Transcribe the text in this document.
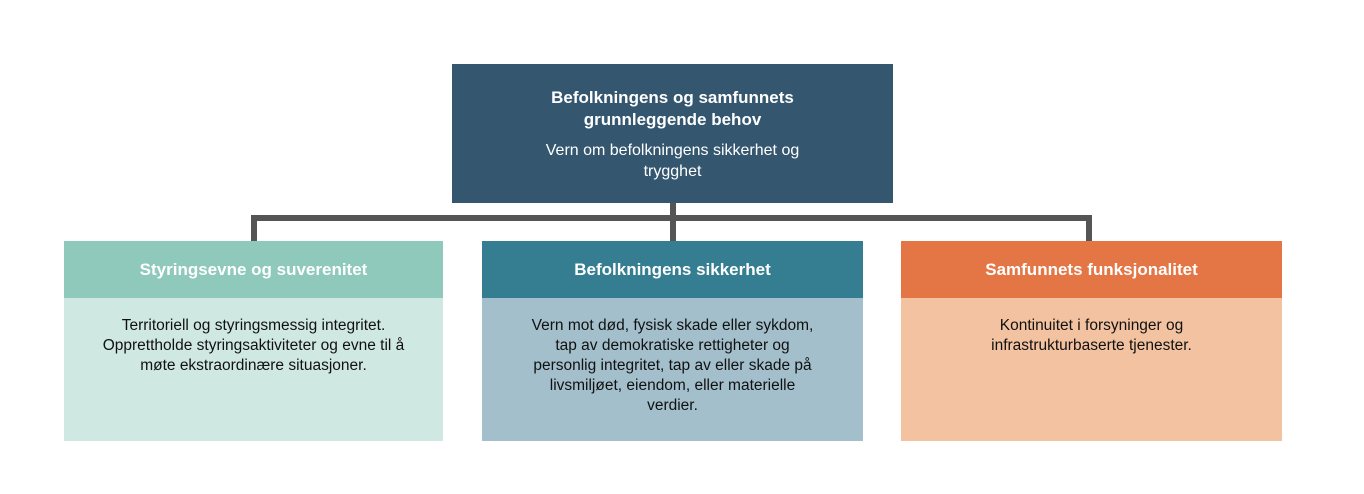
Befolkningens og samfunnets grunnleggende behov
Vern om befolkningens sikkerhet og trygghet
Styringsevne og suverenitet
Territoriell og styringsmessig integritet. Opprettholde styringsaktiviteter og evne til å møte ekstraordinære situasjoner.
Befolkningens sikkerhet
Vern mot død, fysisk skade eller sykdom, tap av demokratiske rettigheter og personlig integritet, tap av eller skade på livsmiljøet, eiendom, eller materielle verdier.
Samfunnets funksjonalitet
Kontinuitet i forsyninger og infrastrukturbaserte tjenester.
